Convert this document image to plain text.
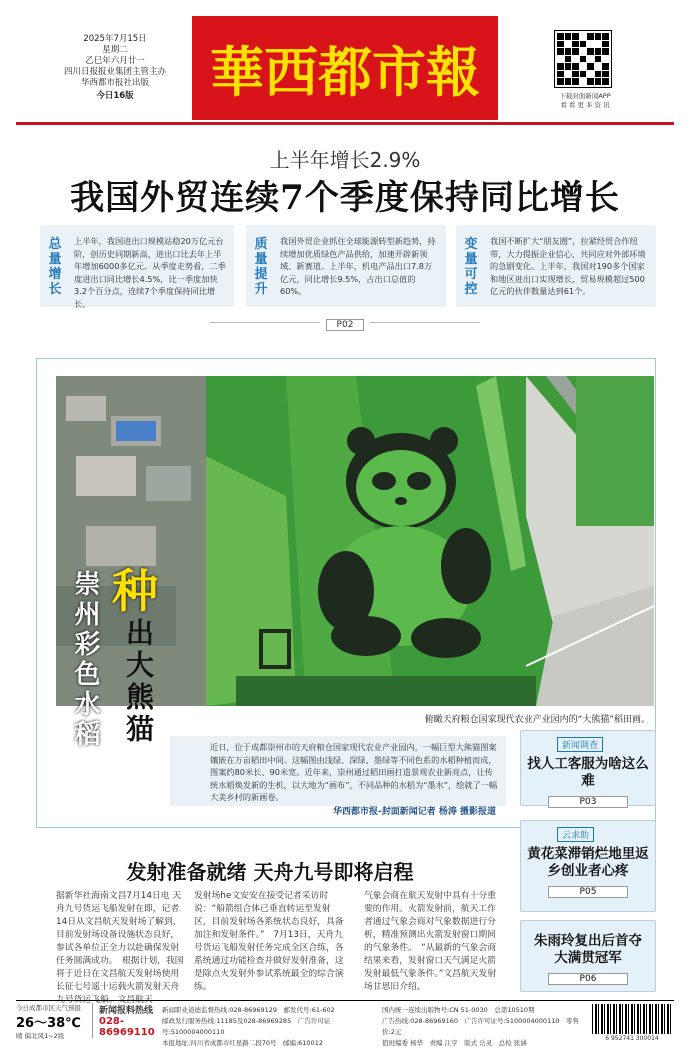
2025年7月15日
星期二
乙巳年六月廿一
四川日报报业集团主管主办
华西都市报社出版
今日16版	華西都市報	下载封面新闻APP
看 看 更 多 资 讯
上半年增长2.9%
我国外贸连续7个季度保持同比增长
总量增长
上半年，我国进出口规模站稳20万亿元台阶，创历史同期新高，进出口比去年上半年增加6000多亿元。从季度走势看，二季度进出口同比增长4.5%，比一季度加快3.2个百分点，连续7个季度保持同比增长。
质量提升
我国外贸企业抓住全球能源转型新趋势，持续增加优质绿色产品供给，加速开辟新领域、新赛道。上半年，机电产品出口7.8万亿元，同比增长9.5%，占出口总值的60%。
变量可控
我国不断扩大“朋友圈”，拉紧经贸合作纽带，大力提振企业信心，共同应对外部环境的急剧变化。上半年，我国对190多个国家和地区进出口实现增长，贸易规模超过500亿元的伙伴数量达到61个。
P02
崇州彩色水稻 种
出大熊猫	俯瞰天府粮仓国家现代农业产业园内的“大熊猫”稻田画。
近日，位于成都崇州市的天府粮仓国家现代农业产业园内，一幅巨型大熊猫图案镶嵌在万亩稻田中间。这幅图由浅绿、深绿、墨绿等不同色系的水稻种植而成，图案约80米长、90米宽。近年来，崇州通过稻田画打造景观农业新亮点，让传统水稻焕发新的生机，以大地为“画布”，不同品种的水稻为“墨水”，绘就了一幅大美乡村的新画卷。
华西都市报-封面新闻记者 杨涛 摄影报道
新闻调查
找人工客服为啥这么难
P03
云求助
黄花菜滞销烂地里返乡创业者心疼
P05
朱雨玲复出后首夺大满贯冠军
P06
发射准备就绪 天舟九号即将启程
据新华社海南文昌7月14日电 天舟九号货运飞船发射在即，记者14日从文昌航天发射场了解到，目前发射场设备设施状态良好，参试各单位正全力以赴确保发射任务圆满成功。　根据计划，我国将于近日在文昌航天发射场使用长征七号遥十运载火箭发射天舟九号货运飞船。文昌航天
发射场he文安安在接受记者采访时说：“船箭组合体已垂直转运至发射区，目前发射场各系统状态良好，具备加注和发射条件。”　7月13日，天舟九号货运飞船发射任务完成全区合练，各系统通过功能检查并做好发射准备，这是除点火发射外参试系统最全的综合演练。
气象会商在航天发射中具有十分重要的作用。火箭发射前，航天工作者通过气象会商对气象数据进行分析，精准预测出火箭发射窗口期间的气象条件。　“从最新的气象会商结果来看，发射窗口天气满足火箭发射最低气象条件。”文昌航天发射场甘思旧介绍。
今日成都市区天气预报
26～38℃
晴 偏北风1~2级
新闻报料热线
028-86969110
新闻职业道德监督热线:028-86969129　邮发代号:61-602
邮政发行服务热线:11185及028-86969285　广告许可证号:5100004000110
本报地址:四川省成都市红星路二段70号　邮编:610012
国内统一连续出版物号:CN 51-0030　总第10510期
广告热线:028-86969160　广告许可证号:5100004000110　零售价:2元
值班编委 杨华　责编 江亨　版式 岳灵　总检 张涵
6 952741 300014
